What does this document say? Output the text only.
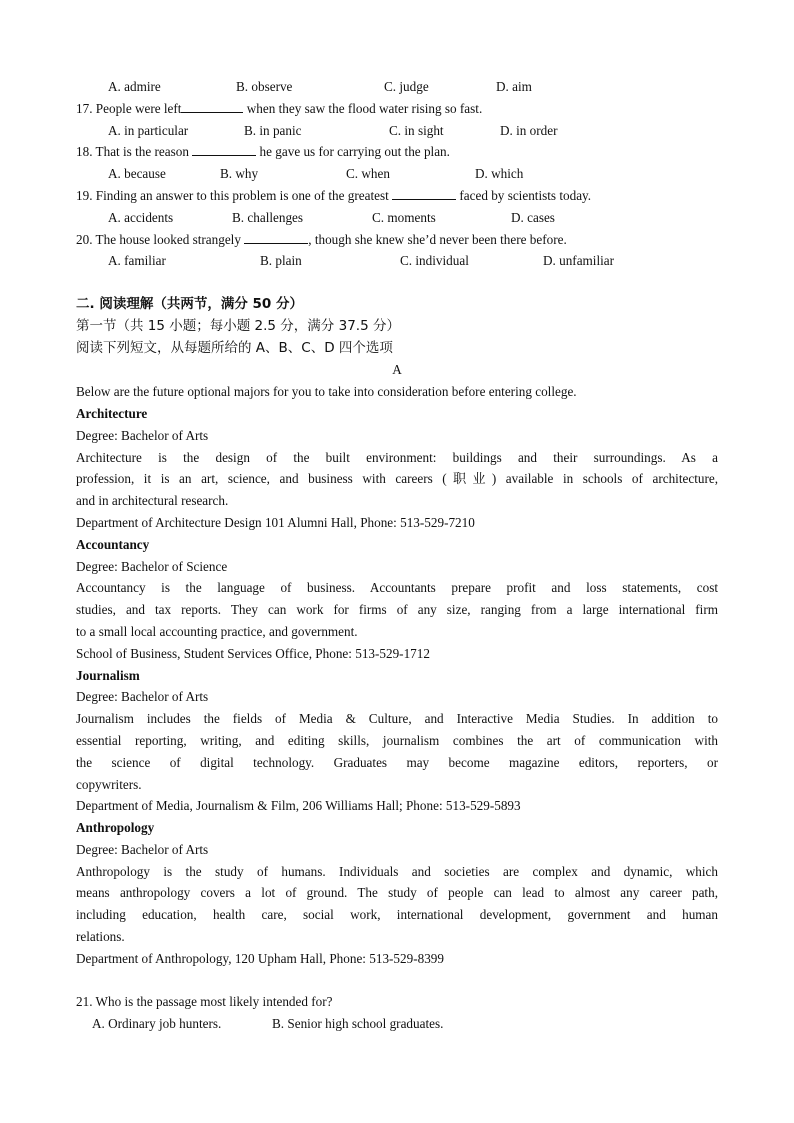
A. admire	B. observe	C. judge	D. aim
17. People were left	when they saw the flood water rising so fast.
A. in particular	B. in panic	C. in sight	D. in order
18. That is the reason	he gave us for carrying out the plan.
A. because	B. why	C. when	D. which
19. Finding an answer to this problem is one of the greatest	faced by scientists today.
A. accidents	B. challenges	C. moments	D. cases
20. The house looked strangely	, though she knew she’d never been there before.
A. familiar	B. plain	C. individual	D. unfamiliar
二. 阅读理解（共两节，满分 50 分）
第一节（共 15 小题；每小题 2.5 分，满分 37.5 分）
阅读下列短文，从每题所给的 A、B、C、D 四个选项
A
Below are the future optional majors for you to take into consideration before entering college.
Architecture
Degree: Bachelor of Arts
Architecture is the design of the built environment: buildings and their surroundings. As a
profession, it is an art, science, and business with careers (职业) available in schools of architecture,
and in architectural research.
Department of Architecture Design 101 Alumni Hall, Phone: 513-529-7210
Accountancy
Degree: Bachelor of Science
Accountancy is the language of business. Accountants prepare profit and loss statements, cost
studies, and tax reports. They can work for firms of any size, ranging from a large international firm
to a small local accounting practice, and government.
School of Business, Student Services Office, Phone: 513-529-1712
Journalism
Degree: Bachelor of Arts
Journalism includes the fields of Media & Culture, and Interactive Media Studies. In addition to
essential reporting, writing, and editing skills, journalism combines the art of communication with
the science of digital technology. Graduates may become magazine editors, reporters, or
copywriters.
Department of Media, Journalism & Film, 206 Williams Hall; Phone: 513-529-5893
Anthropology
Degree: Bachelor of Arts
Anthropology is the study of humans. Individuals and societies are complex and dynamic, which
means anthropology covers a lot of ground. The study of people can lead to almost any career path,
including education, health care, social work, international development, government and human
relations.
Department of Anthropology, 120 Upham Hall, Phone: 513-529-8399
21. Who is the passage most likely intended for?
A. Ordinary job hunters.	B. Senior high school graduates.
